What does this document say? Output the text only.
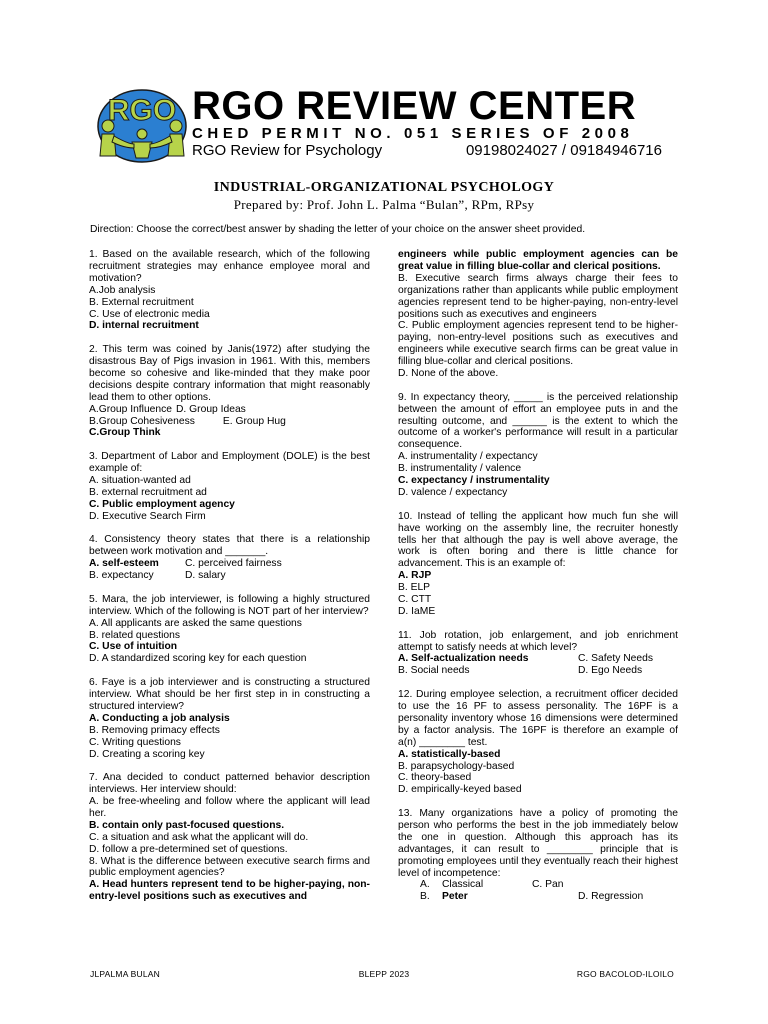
RGO RGO REVIEW CENTER
CHED PERMIT NO. 051 SERIES OF 2008
RGO Review for Psychology	09198024027 / 09184946716
INDUSTRIAL-ORGANIZATIONAL PSYCHOLOGY
Prepared by: Prof. John L. Palma “Bulan”, RPm, RPsy
Direction: Choose the correct/best answer by shading the letter of your choice on the answer sheet provided.
1. Based on the available research, which of the following recruitment strategies may enhance employee moral and motivation?
A.Job analysis
B. External recruitment
C. Use of electronic media
D. internal recruitment
2. This term was coined by Janis(1972) after studying the disastrous Bay of Pigs invasion in 1961. With this, members become so cohesive and like-minded that they make poor decisions despite contrary information that might reasonably lead them to other options.
A.Group Influence D. Group Ideas
B.Group Cohesiveness	E. Group Hug
C.Group Think
3. Department of Labor and Employment (DOLE) is the best example of:
A. situation-wanted ad
B. external recruitment ad
C. Public employment agency
D. Executive Search Firm
4. Consistency theory states that there is a relationship between work motivation and _______.
A. self-esteem	C. perceived fairness
B. expectancy	D. salary
5. Mara, the job interviewer, is following a highly structured interview. Which of the following is NOT part of her interview?
A. All applicants are asked the same questions
B. related questions
C. Use of intuition
D. A standardized scoring key for each question
6. Faye is a job interviewer and is constructing a structured interview. What should be her first step in in constructing a structured interview?
A. Conducting a job analysis
B. Removing primacy effects
C. Writing questions
D. Creating a scoring key
7. Ana decided to conduct patterned behavior description interviews. Her interview should:
A. be free-wheeling and follow where the applicant will lead her.
B. contain only past-focused questions.
C. a situation and ask what the applicant will do.
D. follow a pre-determined set of questions.
8. What is the difference between executive search firms and public employment agencies?
A. Head hunters represent tend to be higher-paying, non-entry-level positions such as executives and
engineers while public employment agencies can be great value in filling blue-collar and clerical positions.
B. Executive search firms always charge their fees to organizations rather than applicants while public employment agencies represent tend to be higher-paying, non-entry-level positions such as executives and engineers
C. Public employment agencies represent tend to be higher-paying, non-entry-level positions such as executives and engineers while executive search firms can be great value in filling blue-collar and clerical positions.
D. None of the above.
9. In expectancy theory, _____ is the perceived relationship between the amount of effort an employee puts in and the resulting outcome, and ______ is the extent to which the outcome of a worker's performance will result in a particular consequence.
A. instrumentality / expectancy
B. instrumentality / valence
C. expectancy / instrumentality
D. valence / expectancy
10. Instead of telling the applicant how much fun she will have working on the assembly line, the recruiter honestly tells her that although the pay is well above average, the work is often boring and there is little chance for advancement. This is an example of:
A. RJP
B. ELP
C. CTT
D. IaME
11. Job rotation, job enlargement, and job enrichment attempt to satisfy needs at which level?
A. Self-actualization needs	C. Safety Needs
B. Social needs	D. Ego Needs
12. During employee selection, a recruitment officer decided to use the 16 PF to assess personality. The 16PF is a personality inventory whose 16 dimensions were determined by a factor analysis. The 16PF is therefore an example of a(n) ________ test.
A. statistically-based
B. parapsychology-based
C. theory-based
D. empirically-keyed based
13. Many organizations have a policy of promoting the person who performs the best in the job immediately below the one in question. Although this approach has its advantages, it can result to ________ principle that is promoting employees until they eventually reach their highest level of incompetence:
A.	Classical	C. Pan
B.	Peter	D. Regression
JLPALMA BULAN	BLEPP 2023	RGO BACOLOD-ILOILO
